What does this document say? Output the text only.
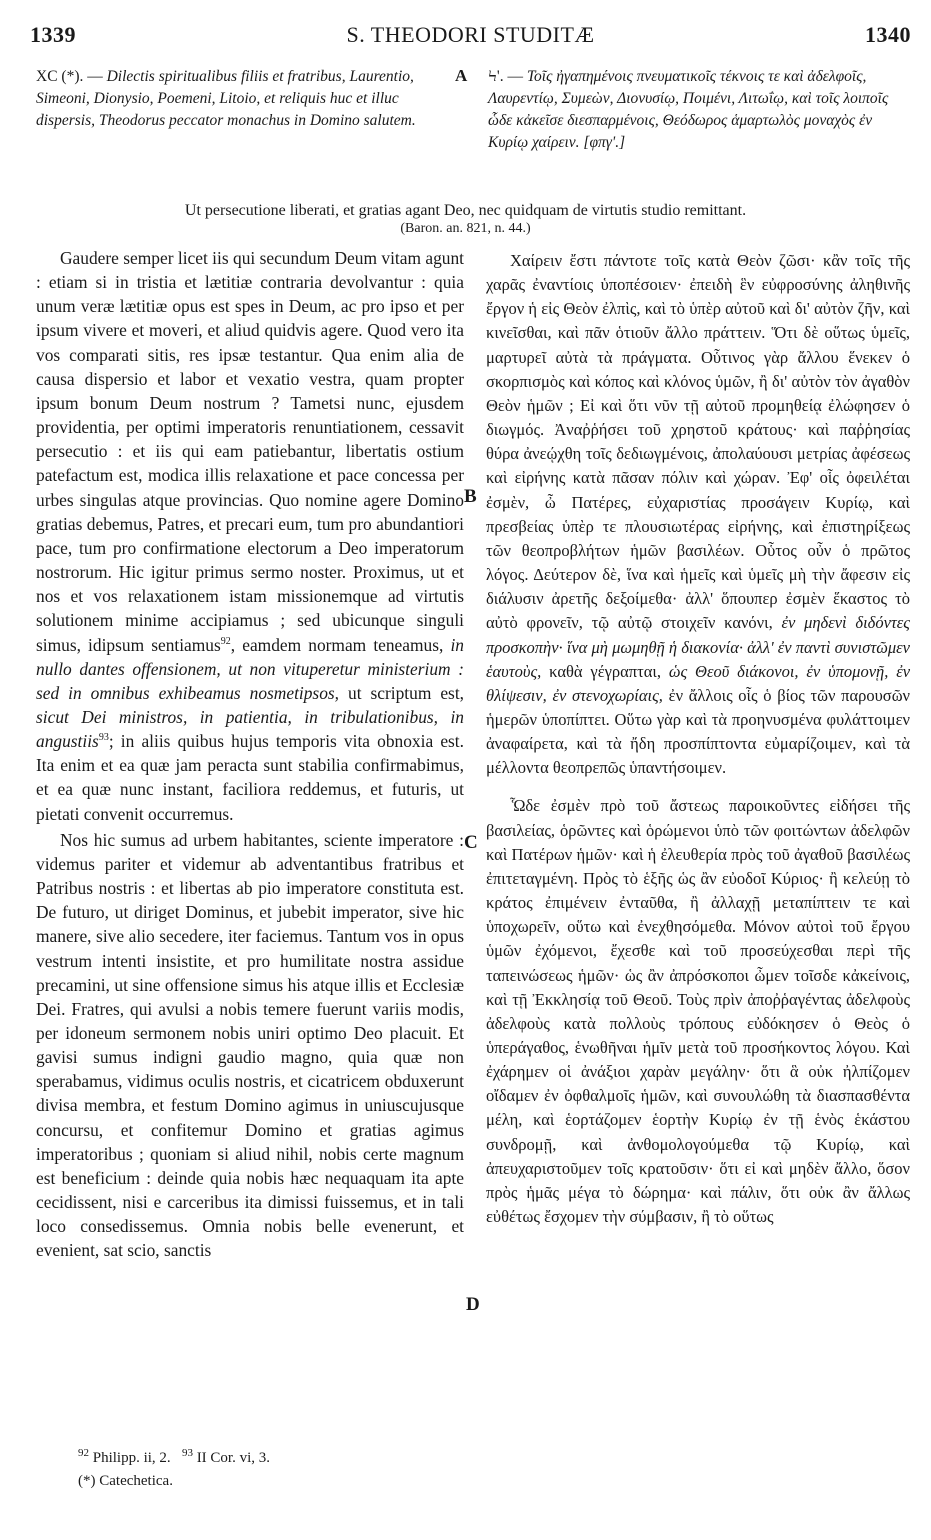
1339	S. THEODORI STUDITÆ	1340
XC (*). — Dilectis spiritualibus filiis et fratribus, Laurentio, Simeoni, Dionysio, Poemeni, Litoio, et reliquis huc et illuc dispersis, Theodorus peccator monachus in Domino salutem.
A Ϟ'. — Τοῖς ἠγαπημένοις πνευματικοῖς τέκνοις τε καὶ ἀδελφοῖς, Λαυρεντίῳ, Συμεὼν, Διονυσίῳ, Ποιμένι, Λιτωΐῳ, καὶ τοῖς λοιποῖς ὧδε κἀκεῖσε διεσπαρμένοις, Θεόδωρος ἁμαρτωλὸς μοναχὸς ἐν Κυρίῳ χαίρειν. [φπγ'.]
Ut persecutione liberati, et gratias agant Deo, nec quidquam de virtutis studio remittant.
(Baron. an. 821, n. 44.)

Gaudere semper licet iis qui secundum Deum vitam agunt : etiam si in tristia et lætitiæ contraria devolvantur : quia unum veræ lætitiæ opus est spes in Deum, ac pro ipso et per ipsum vivere et moveri, et aliud quidvis agere. Quod vero ita vos comparati sitis, res ipsæ testantur. Qua enim alia de causa dispersio et labor et vexatio vestra, quam propter ipsum bonum Deum nostrum ? Tametsi nunc, ejusdem providentia, per optimi imperatoris renuntiationem, cessavit persecutio : et iis qui eam patiebantur, libertatis ostium patefactum est, modica illis relaxatione et pace concessa per urbes singulas atque provincias. Quo nomine agere Domino gratias debemus, Patres, et precari eum, tum pro abundantiori pace, tum pro confirmatione electorum a Deo imperatorum nostrorum. Hic igitur primus sermo noster. Proximus, ut et nos et vos relaxationem istam missionemque ad virtutis solutionem minime accipiamus ; sed ubicunque singuli simus, idipsum sentiamus$^{92}$, eamdem normam teneamus, in nullo dantes offensionem, ut non vituperetur ministerium : sed in omnibus exhibeamus nosmetipsos, ut scriptum est, sicut Dei ministros, in patientia, in tribulationibus, in angustiis$^{93}$; in aliis quibus hujus temporis vita obnoxia est. Ita enim et ea quæ jam peracta sunt stabilia confirmabimus, et ea quæ nunc instant, faciliora reddemus, et futuris, ut pietati convenit occurremus.

Nos hic sumus ad urbem habitantes, sciente imperatore : videmus pariter et videmur ab adventantibus fratribus et Patribus nostris : et libertas ab pio imperatore constituta est. De futuro, ut diriget Dominus, et jubebit imperator, sive hic manere, sive alio secedere, iter faciemus. Tantum vos in opus vestrum intenti insistite, et pro humilitate nostra assidue precamini, ut sine offensione simus his atque illis et Ecclesiæ Dei. Fratres, qui avulsi a nobis temere fuerunt variis modis, per idoneum sermonem nobis uniri optimo Deo placuit. Et gavisi sumus indigni gaudio magno, quia quæ non sperabamus, vidimus oculis nostris, et cicatricem obduxerunt divisa membra, et festum Domino agimus in uniuscujusque concursu, et confitemur Domino et gratias agimus imperatoribus ; quoniam si aliud nihil, nobis certe magnum est beneficium : deinde quia nobis hæc nequaquam ita apte cecidissent, nisi e carceribus ita dimissi fuissemus, et in tali loco consedissemus. Omnia nobis belle evenerunt, et evenient, sat scio, sanctis

B
C
D

Χαίρειν ἔστι πάντοτε τοῖς κατὰ Θεὸν ζῶσι· κἂν τοῖς τῆς χαρᾶς ἐναντίοις ὑποπέσοιεν· ἐπειδὴ ἓν εὐφροσύνης ἀληθινῆς ἔργον ἡ εἰς Θεὸν ἐλπὶς, καὶ τὸ ὑπὲρ αὐτοῦ καὶ δι' αὐτὸν ζῆν, καὶ κινεῖσθαι, καὶ πᾶν ὁτιοῦν ἄλλο πράττειν. Ὅτι δὲ οὕτως ὑμεῖς, μαρτυρεῖ αὐτὰ τὰ πράγματα. Οὗτινος γὰρ ἄλλου ἕνεκεν ὁ σκορπισμὸς καὶ κόπος καὶ κλόνος ὑμῶν, ἢ δι' αὐτὸν τὸν ἀγαθὸν Θεὸν ἡμῶν ; Εἰ καὶ ὅτι νῦν τῇ αὐτοῦ προμηθείᾳ ἐλώφησεν ὁ διωγμός. Ἀναῤῥήσει τοῦ χρηστοῦ κράτους· καὶ παῤῥησίας θύρα ἀνεῴχθη τοῖς δεδιωγμένοις, ἀπολαύουσι μετρίας ἀφέσεως καὶ εἰρήνης κατὰ πᾶσαν πόλιν καὶ χώραν. Ἐφ' οἷς ὀφειλέται ἐσμὲν, ὦ Πατέρες, εὐχαριστίας προσάγειν Κυρίῳ, καὶ πρεσβείας ὑπὲρ τε πλουσιωτέρας εἰρήνης, καὶ ἐπιστηρίξεως τῶν θεοπροβλήτων ἡμῶν βασιλέων. Οὗτος οὖν ὁ πρῶτος λόγος. Δεύτερον δὲ, ἵνα καὶ ἡμεῖς καὶ ὑμεῖς μὴ τὴν ἄφεσιν εἰς διάλυσιν ἀρετῆς δεξοίμεθα· ἀλλ' ὅπουπερ ἐσμὲν ἕκαστος τὸ αὐτὸ φρονεῖν, τῷ αὐτῷ στοιχεῖν κανόνι, ἐν μηδενὶ διδόντες προσκοπὴν· ἵνα μὴ μωμηθῇ ἡ διακονία· ἀλλ' ἐν παντὶ συνιστῶμεν ἑαυτοὺς, καθὰ γέγραπται, ὡς Θεοῦ διάκονοι, ἐν ὑπομονῇ, ἐν θλίψεσιν, ἐν στενοχωρίαις, ἐν ἄλλοις οἷς ὁ βίος τῶν παρουσῶν ἡμερῶν ὑποπίπτει. Οὕτω γὰρ καὶ τὰ προηνυσμένα φυλάττοιμεν ἀναφαίρετα, καὶ τὰ ἤδη προσπίπτοντα εὐμαρίζοιμεν, καὶ τὰ μέλλοντα θεοπρεπῶς ὑπαντήσοιμεν.

Ὧδε ἐσμὲν πρὸ τοῦ ἄστεως παροικοῦντες εἰδήσει τῆς βασιλείας, ὁρῶντες καὶ ὁρώμενοι ὑπὸ τῶν φοιτώντων ἀδελφῶν καὶ Πατέρων ἡμῶν· καὶ ἡ ἐλευθερία πρὸς τοῦ ἀγαθοῦ βασιλέως ἐπιτεταγμένη. Πρὸς τὸ ἑξῆς ὡς ἂν εὐοδοῖ Κύριος· ἢ κελεύῃ τὸ κράτος ἐπιμένειν ἐνταῦθα, ἢ ἀλλαχῇ μεταπίπτειν τε καὶ ὑποχωρεῖν, οὕτω καὶ ἐνεχθησόμεθα. Μόνον αὐτοὶ τοῦ ἔργου ὑμῶν ἐχόμενοι, ἔχεσθε καὶ τοῦ προσεύχεσθαι περὶ τῆς ταπεινώσεως ἡμῶν· ὡς ἂν ἀπρόσκοποι ὦμεν τοῖσδε κἀκείνοις, καὶ τῇ Ἐκκλησίᾳ τοῦ Θεοῦ. Τοὺς πρὶν ἀποῤῥαγέντας ἀδελφοὺς ἀδελφοὺς κατὰ πολλοὺς τρόπους εὐδόκησεν ὁ Θεὸς ὁ ὑπεράγαθος, ἑνωθῆναι ἡμῖν μετὰ τοῦ προσήκοντος λόγου. Καὶ ἐχάρημεν οἱ ἀνάξιοι χαρὰν μεγάλην· ὅτι ἃ οὐκ ἠλπίζομεν οἴδαμεν ἐν ὀφθαλμοῖς ἡμῶν, καὶ συνουλώθη τὰ διασπασθέντα μέλη, καὶ ἑορτάζομεν ἑορτὴν Κυρίῳ ἐν τῇ ἑνὸς ἑκάστου συνδρομῇ, καὶ ἀνθομολογούμεθα τῷ Κυρίῳ, καὶ ἀπευχαριστοῦμεν τοῖς κρατοῦσιν· ὅτι εἰ καὶ μηδὲν ἄλλο, ὅσον πρὸς ἡμᾶς μέγα τὸ δώρημα· καὶ πάλιν, ὅτι οὐκ ἂν ἄλλως εὐθέτως ἔσχομεν τὴν σύμβασιν, ἢ τὸ οὕτως

$^{92}$ Philipp. ii, 2. $^{93}$ II Cor. vi, 3.
(*) Catechetica.
